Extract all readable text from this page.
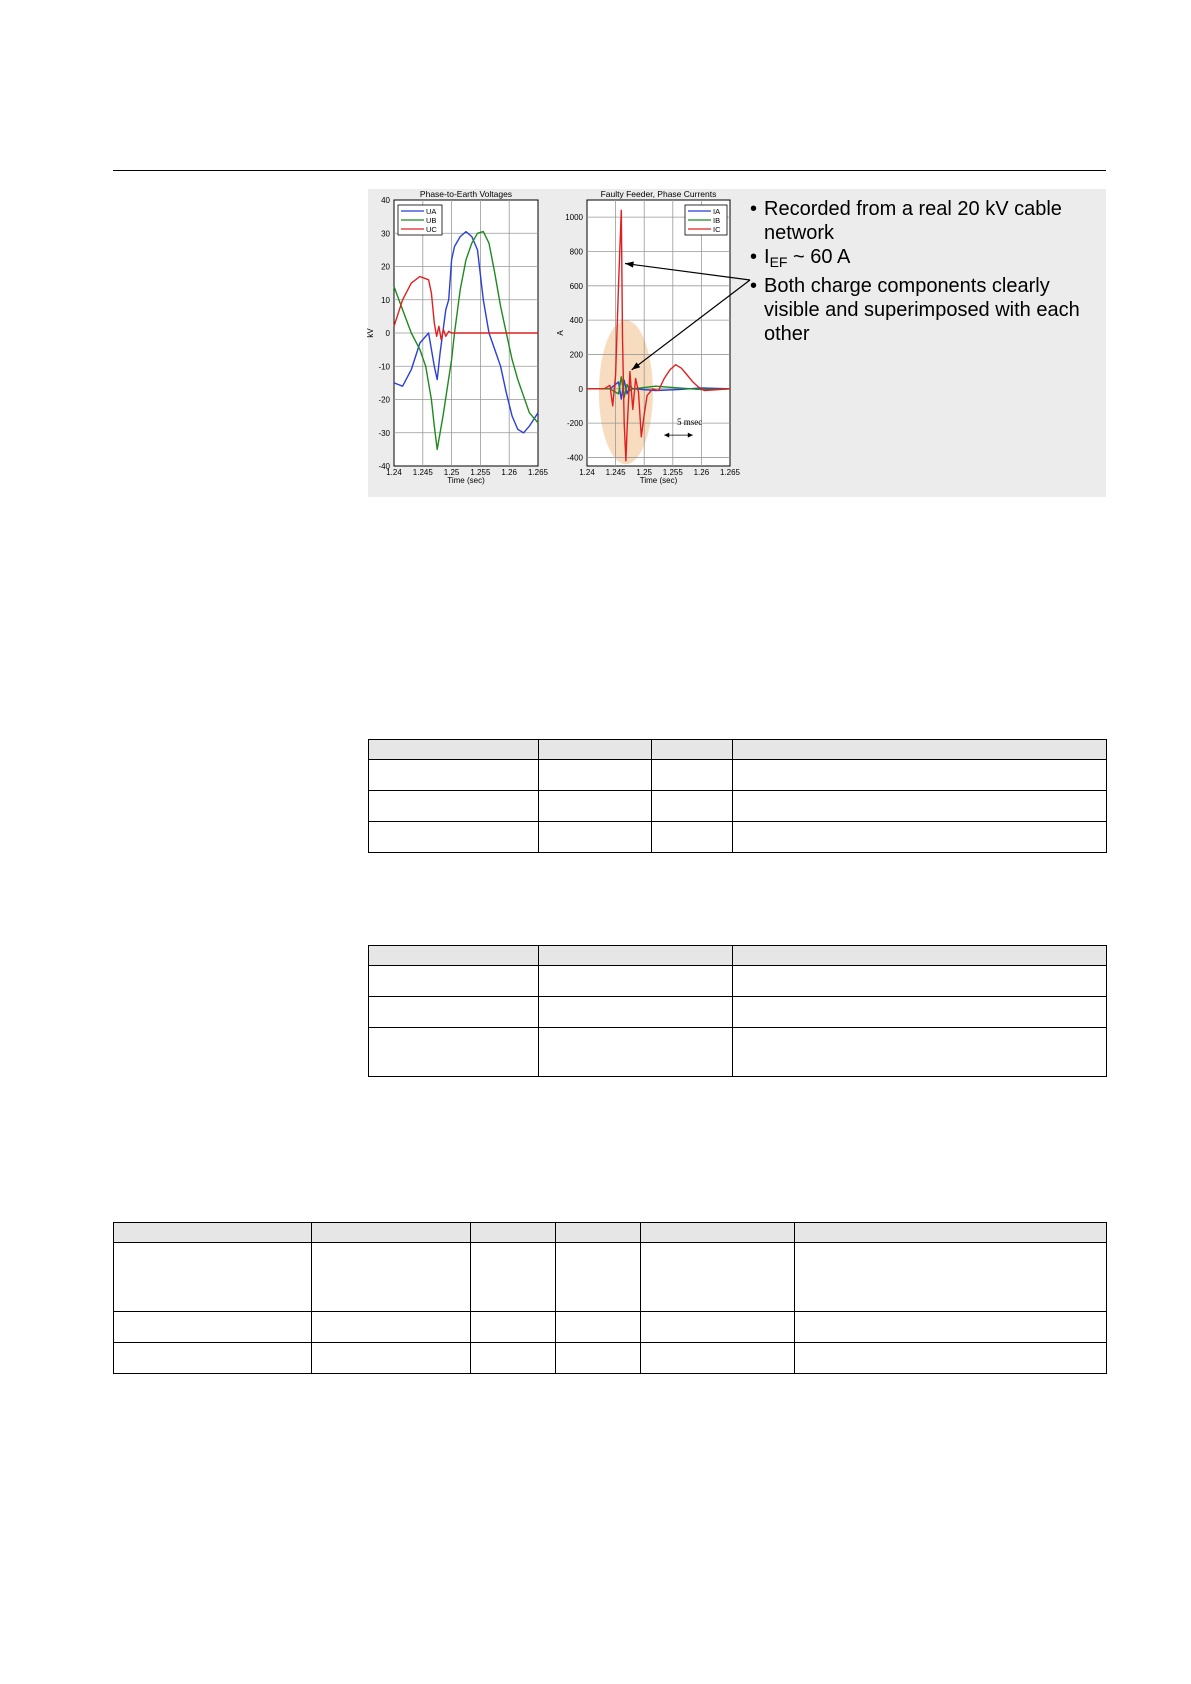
1.24 1.245 1.25 1.255 1.26 1.265
40
30
20
10
0
-10
-20
-30
-40
UA
UB
UC
Phase-to-Earth Voltages
Time (sec)
kV
1.24 1.245 1.25 1.255 1.26 1.265
1000
800
600
400
200
0
-200
-400
IA
IB
IC
Faulty Feeder, Phase Currents
Time (sec)
A
5 msec
• Recorded from a real 20 kV cable network
• $I_{EF}$ ~ 60 A
• Both charge components clearly visible and superimposed with each other
